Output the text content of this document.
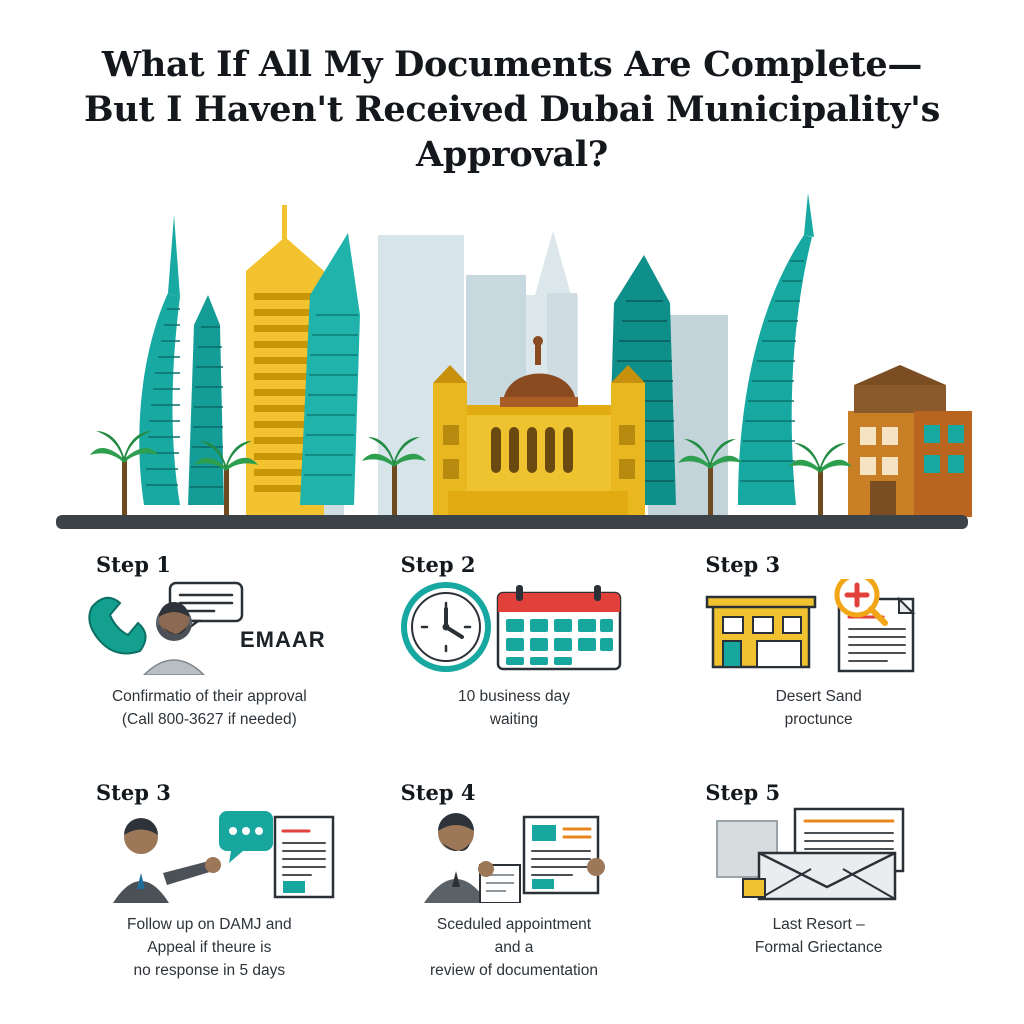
What If All My Documents Are Complete—
But I Haven't Received Dubai Municipality's
Approval?
Step 1
EMAAR
Confirmatio of their approval
(Call 800-3627 if needed)
Step 2
10 business day
waiting
Step 3
Desert Sand
proctunce
Step 3
Follow up on DAMJ and
Appeal if theure is
no response in 5 days
Step 4
Sceduled appointment
and a
review of documentation
Step 5
Last Resort –
Formal Griectance
